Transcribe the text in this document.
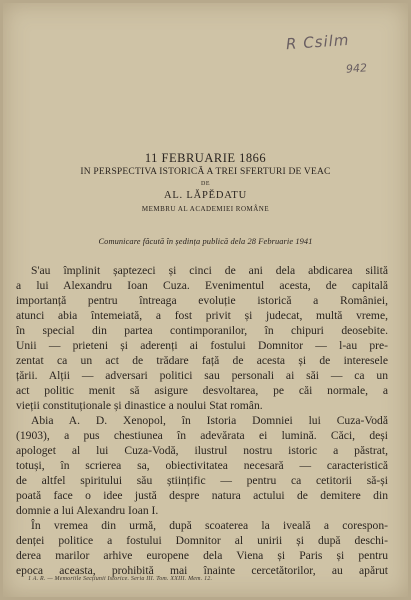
R Csilm
942
11 FEBRUARIE 1866
IN PERSPECTIVA ISTORICĂ A TREI SFERTURI DE VEAC
DE
AL. LĂPĔDATU
MEMBRU AL ACADEMIEI ROMÂNE
Comunicare făcută în ședința publică dela 28 Februarie 1941
S'au împlinit șaptezeci și cinci de ani dela abdicarea silită
a lui Alexandru Ioan Cuza. Evenimentul acesta, de capitală
importanță pentru întreaga evoluție istorică a României,
atunci abia întemeiată, a fost privit și judecat, multă vreme,
în special din partea contimporanilor, în chipuri deosebite.
Unii — prieteni și aderenți ai fostului Domnitor — l-au pre-
zentat ca un act de trădare față de acesta și de interesele
țării. Alții — adversari politici sau personali ai săi — ca un
act politic menit să asigure desvoltarea, pe căi normale, a
vieții constituționale și dinastice a noului Stat român.
Abia A. D. Xenopol, în Istoria Domniei lui Cuza-Vodă
(1903), a pus chestiunea în adevărata ei lumină. Căci, deși
apologet al lui Cuza-Vodă, ilustrul nostru istoric a păstrat,
totuși, în scrierea sa, obiectivitatea necesară — caracteristică
de altfel spiritului său științific — pentru ca cetitorii să-și
poată face o idee justă despre natura actului de demitere din
domnie a lui Alexandru Ioan I.
În vremea din urmă, după scoaterea la iveală a corespon-
denței politice a fostului Domnitor al unirii și după deschi-
derea marilor arhive europene dela Viena și Paris și pentru
epoca aceasta, prohibită mai înainte cercetătorilor, au apărut
1 A. R. — Memoriile Secțiunii Istorice. Seria III. Tom. XXIII. Mem. 12.
